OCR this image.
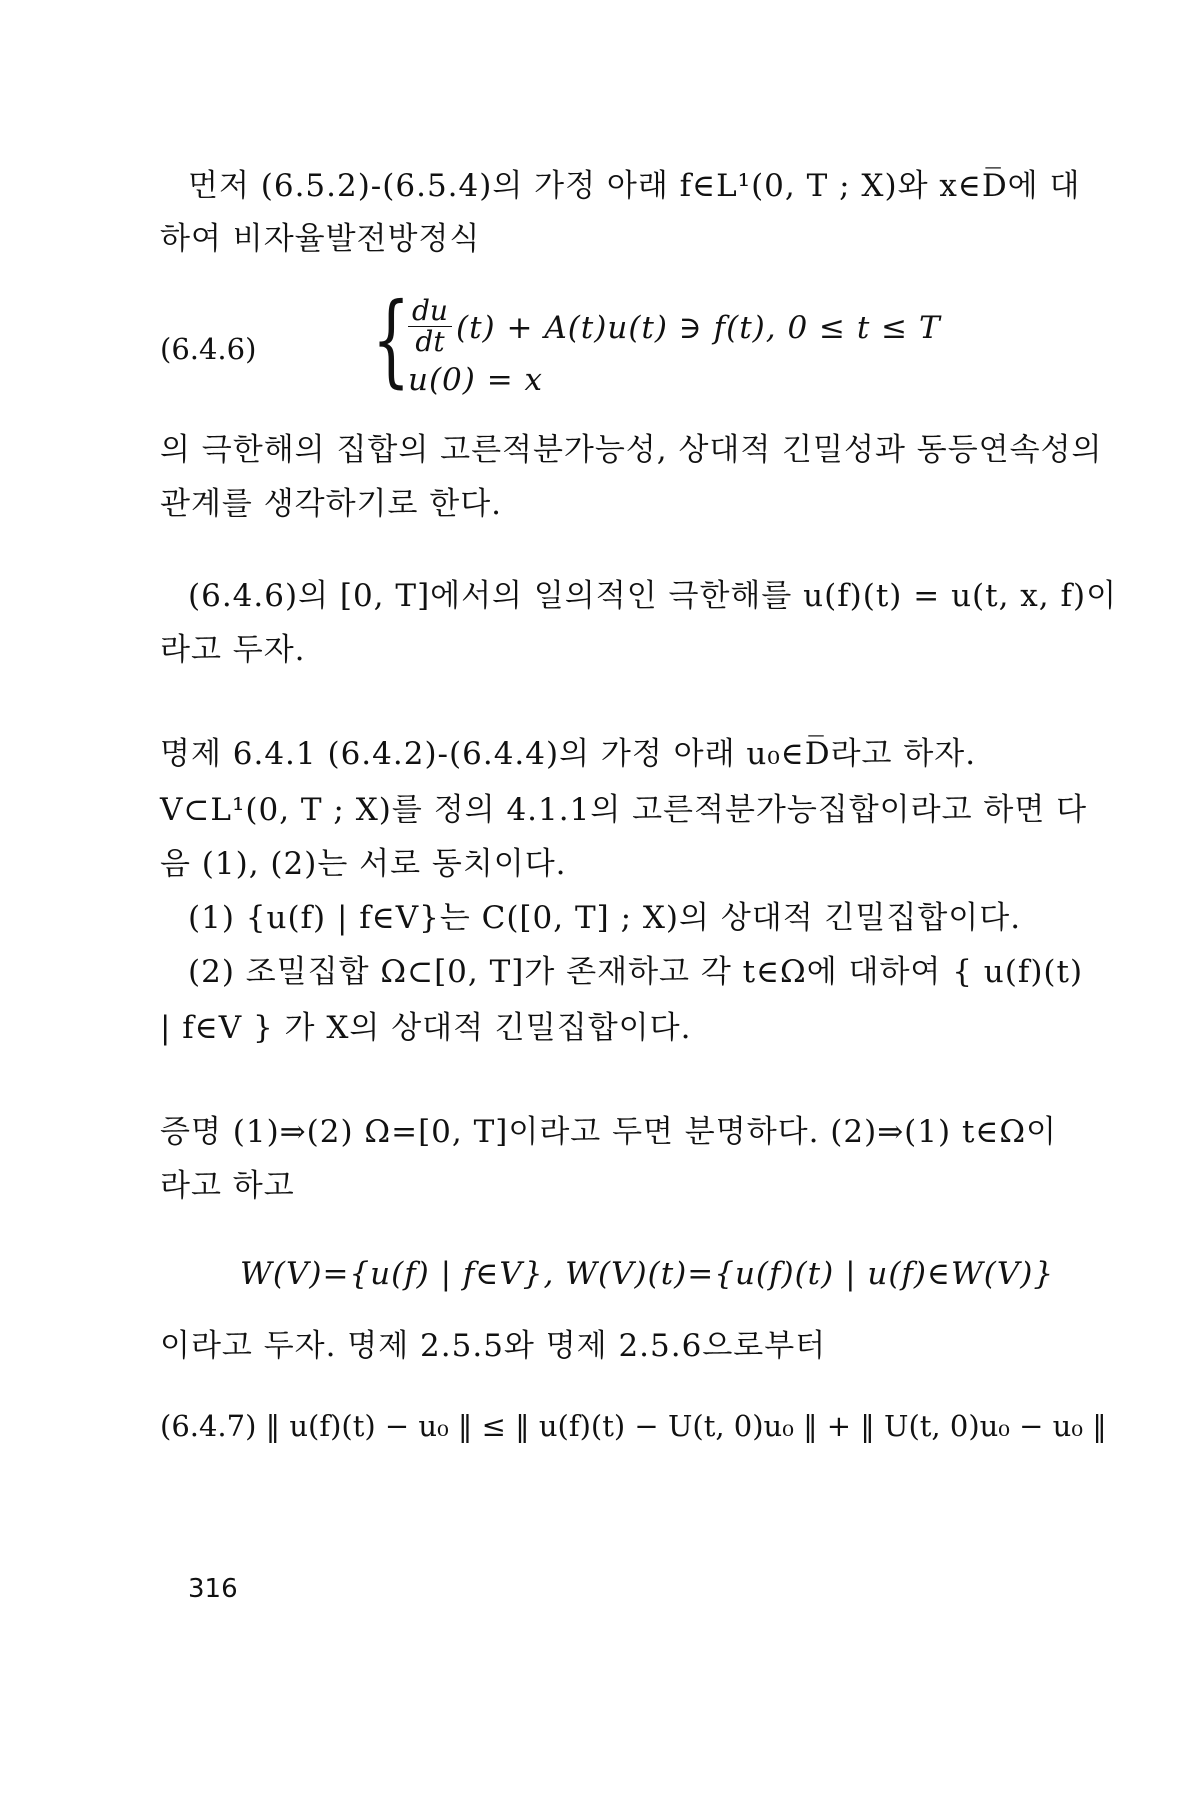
먼저 (6.5.2)-(6.5.4)의 가정 아래 f∈L¹(0, T ; X)와 x∈D̅에 대
하여 비자율발전방정식
(6.4.6) {
$\frac{du}{dt} (t) + A(t)u(t)$ ∋ f(t), 0 ≤ t ≤ T
u(0) = x
의 극한해의 집합의 고른적분가능성, 상대적 긴밀성과 동등연속성의
관계를 생각하기로 한다.
(6.4.6)의 [0, T]에서의 일의적인 극한해를 u(f)(t) = u(t, x, f)이
라고 두자.
명제 6.4.1 (6.4.2)-(6.4.4)의 가정 아래 u₀∈D̅라고 하자.
V⊂L¹(0, T ; X)를 정의 4.1.1의 고른적분가능집합이라고 하면 다
음 (1), (2)는 서로 동치이다.
(1) {u(f) | f∈V}는 C([0, T] ; X)의 상대적 긴밀집합이다.
(2) 조밀집합 Ω⊂[0, T]가 존재하고 각 t∈Ω에 대하여 { u(f)(t)
| f∈V } 가 X의 상대적 긴밀집합이다.
증명 (1)⇒(2) Ω=[0, T]이라고 두면 분명하다. (2)⇒(1) t∈Ω이
라고 하고
W(V)={u(f) | f∈V}, W(V)(t)={u(f)(t) | u(f)∈W(V)}
이라고 두자. 명제 2.5.5와 명제 2.5.6으로부터
(6.4.7) ‖ u(f)(t) − u₀ ‖ ≤ ‖ u(f)(t) − U(t, 0)u₀ ‖ + ‖ U(t, 0)u₀ − u₀ ‖
316
